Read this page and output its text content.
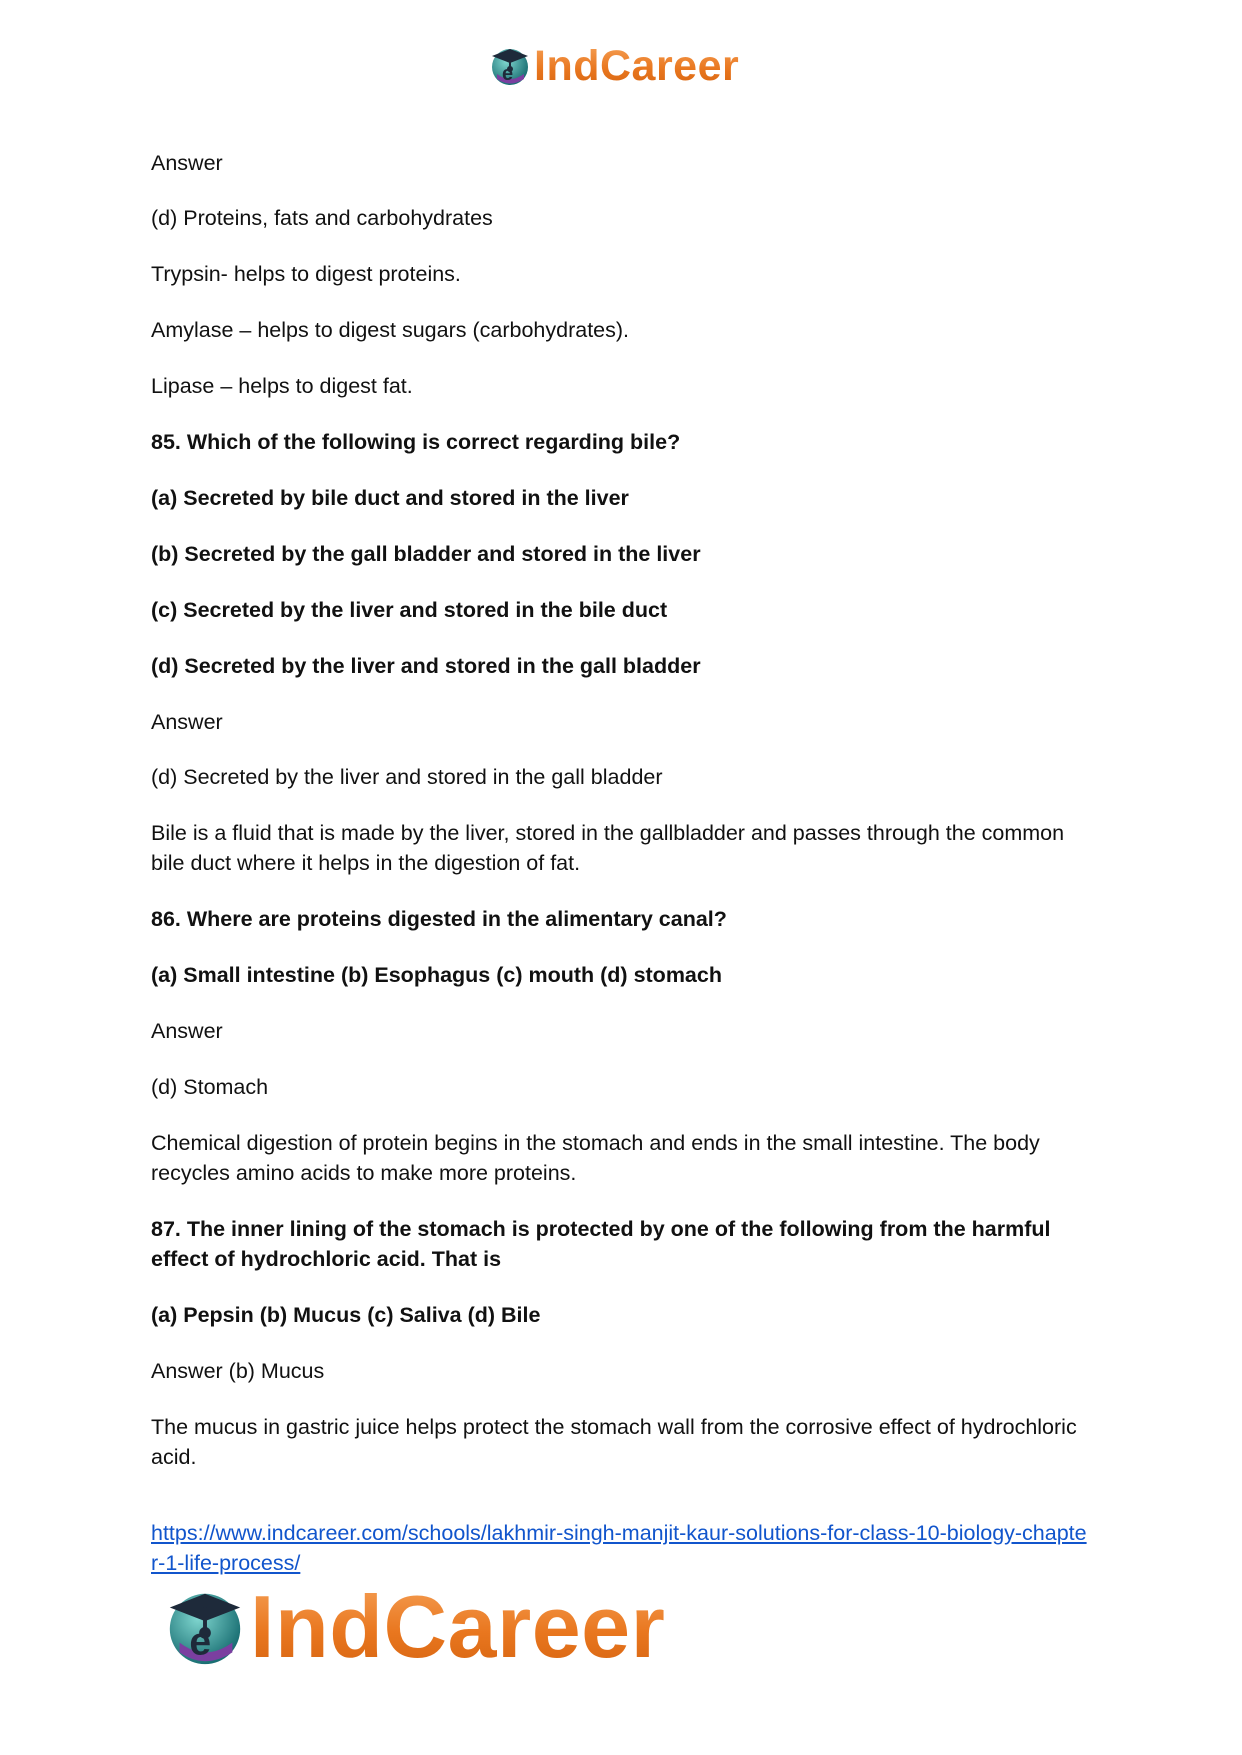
e IndCareer

Answer

(d) Proteins, fats and carbohydrates

Trypsin- helps to digest proteins.

Amylase – helps to digest sugars (carbohydrates).

Lipase – helps to digest fat.

85. Which of the following is correct regarding bile?

(a) Secreted by bile duct and stored in the liver

(b) Secreted by the gall bladder and stored in the liver

(c) Secreted by the liver and stored in the bile duct

(d) Secreted by the liver and stored in the gall bladder

Answer

(d) Secreted by the liver and stored in the gall bladder

Bile is a fluid that is made by the liver, stored in the gallbladder and passes through the common bile duct where it helps in the digestion of fat.

86. Where are proteins digested in the alimentary canal?

(a) Small intestine (b) Esophagus (c) mouth (d) stomach

Answer

(d) Stomach

Chemical digestion of protein begins in the stomach and ends in the small intestine. The body recycles amino acids to make more proteins.

87. The inner lining of the stomach is protected by one of the following from the harmful effect of hydrochloric acid. That is

(a) Pepsin (b) Mucus (c) Saliva (d) Bile

Answer (b) Mucus

The mucus in gastric juice helps protect the stomach wall from the corrosive effect of hydrochloric acid.

https://www.indcareer.com/schools/lakhmir-singh-manjit-kaur-solutions-for-class-10-biology-chapter-1-life-process/
e IndCareer
